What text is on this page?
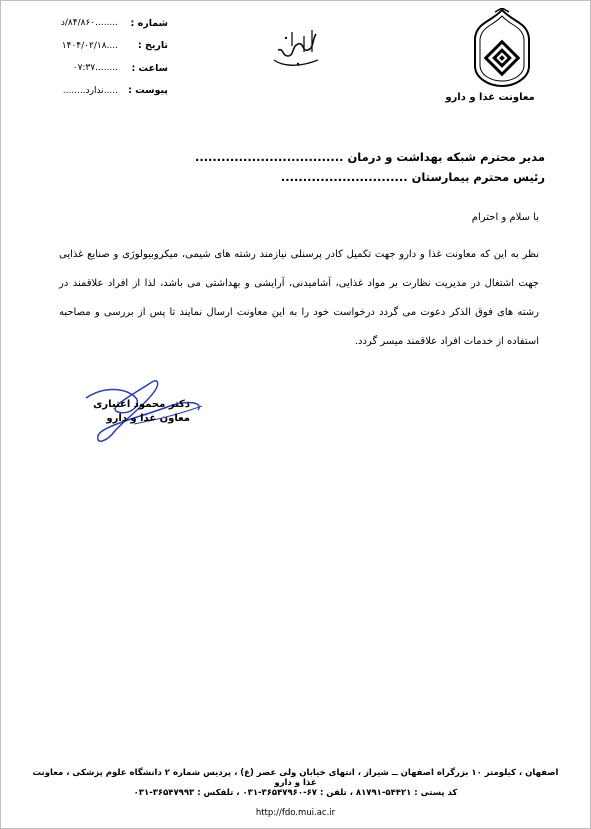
شماره :
........۸۴/۸۶۰/د
تاریخ :
....۱۴۰۴/۰۲/۱۸
ساعت :
........۰۷:۳۷
پیوست :
.....ندارد........
معاونت غذا و دارو
مدیر محترم شبکه بهداشت و درمان ..................................
رئیس محترم بیمارستان .............................
با سلام و احترام
نظر به این که معاونت غذا و دارو جهت تکمیل کادر پرسنلی نیازمند رشته های شیمی، میکروبیولوژی و صنایع غذایی جهت اشتغال در مدیریت نظارت بر مواد غذایی، آشامیدنی، آرایشی و بهداشتی می باشد، لذا از افراد علاقمند در رشته های فوق الذکر دعوت می گردد درخواست خود را به این معاونت ارسال نمایند تا پس از بررسی و مصاحبه استفاده از خدمات افراد علاقمند میسر گردد.
دکتر محمود اعتباری
معاون غذا و دارو
اصفهان ، کیلومتر ۱۰ بزرگراه اصفهان ــ شیراز ، انتهای خیابان ولی عصر (ع) ، پردیس شماره ۲ دانشگاه علوم پزشکی ، معاونت غذا و دارو
کد پستی : ۵۴۴۲۱-۸۱۷۹۱ ، تلفن : ۶۷-۳۶۵۴۷۹۶۰-۰۳۱ ، تلفکس : ۳۶۵۴۷۹۹۳-۰۳۱
http://fdo.mui.ac.ir
